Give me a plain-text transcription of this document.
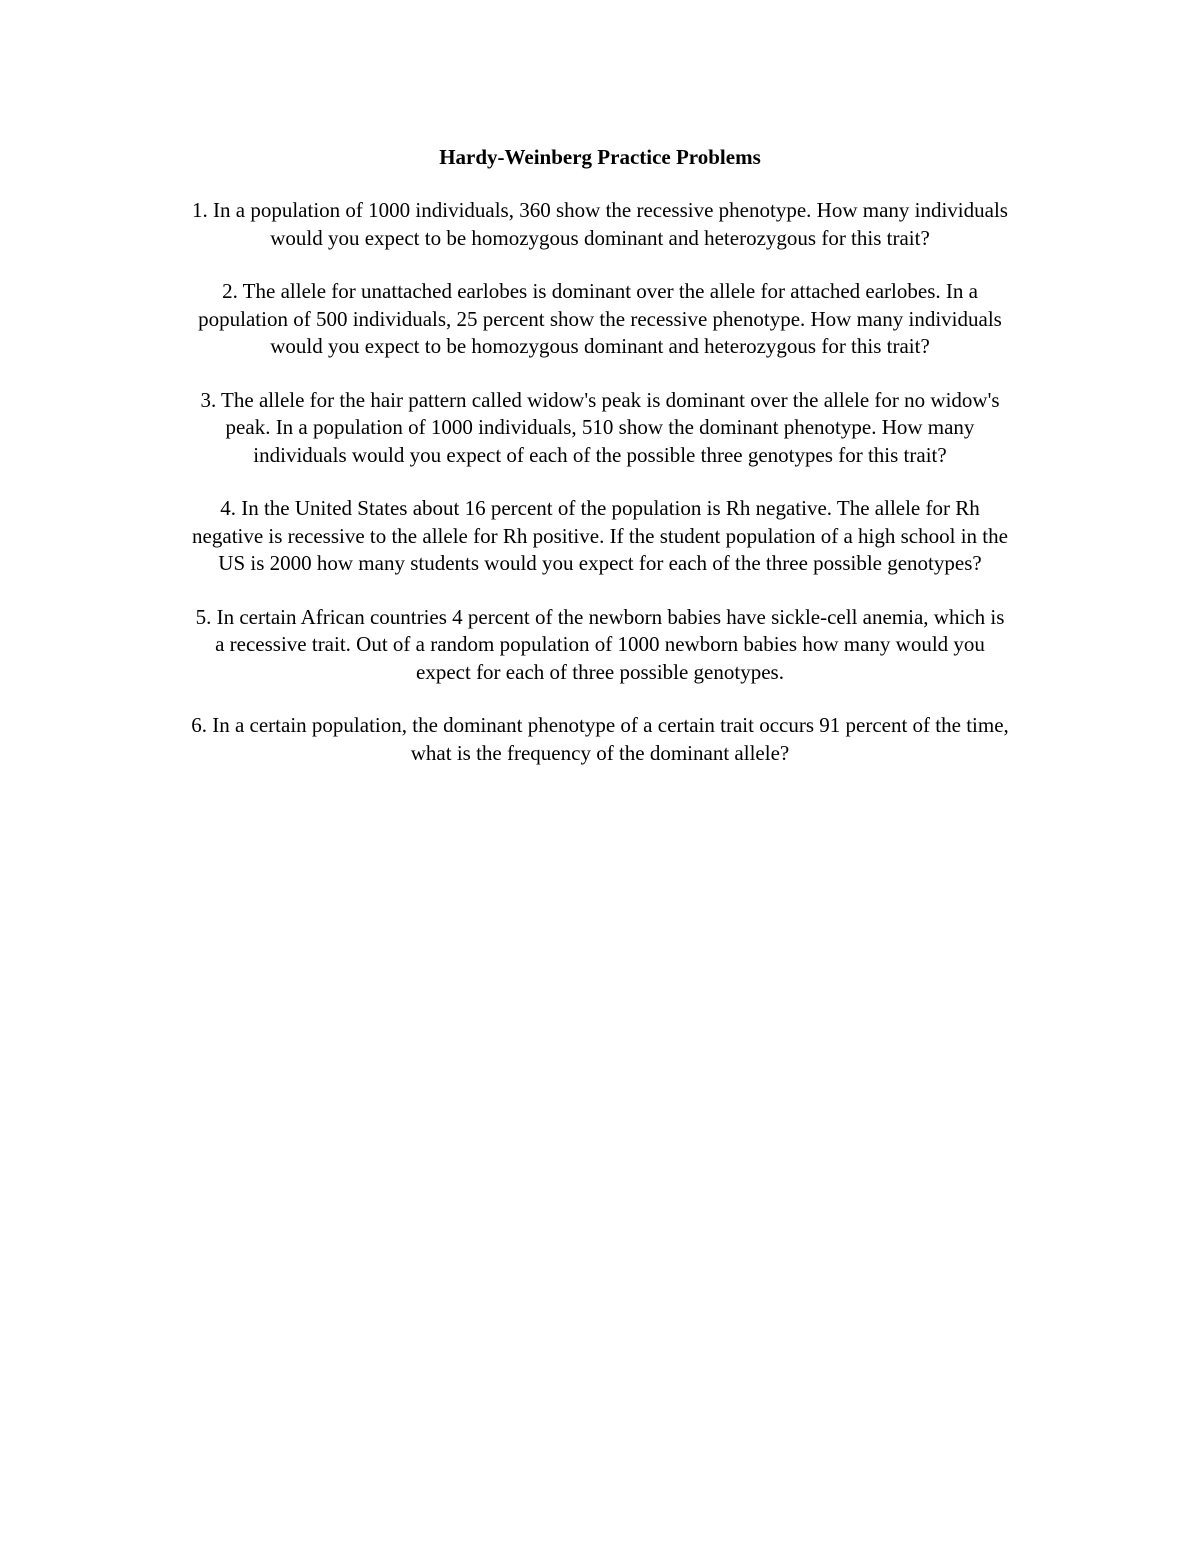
Hardy-Weinberg Practice Problems

1. In a population of 1000 individuals, 360 show the recessive phenotype. How many individuals
would you expect to be homozygous dominant and heterozygous for this trait?

2. The allele for unattached earlobes is dominant over the allele for attached earlobes. In a
population of 500 individuals, 25 percent show the recessive phenotype. How many individuals
would you expect to be homozygous dominant and heterozygous for this trait?

3. The allele for the hair pattern called widow's peak is dominant over the allele for no widow's
peak. In a population of 1000 individuals, 510 show the dominant phenotype. How many
individuals would you expect of each of the possible three genotypes for this trait?

4. In the United States about 16 percent of the population is Rh negative. The allele for Rh
negative is recessive to the allele for Rh positive. If the student population of a high school in the
US is 2000 how many students would you expect for each of the three possible genotypes?

5. In certain African countries 4 percent of the newborn babies have sickle-cell anemia, which is
a recessive trait. Out of a random population of 1000 newborn babies how many would you
expect for each of three possible genotypes.

6. In a certain population, the dominant phenotype of a certain trait occurs 91 percent of the time,
what is the frequency of the dominant allele?
